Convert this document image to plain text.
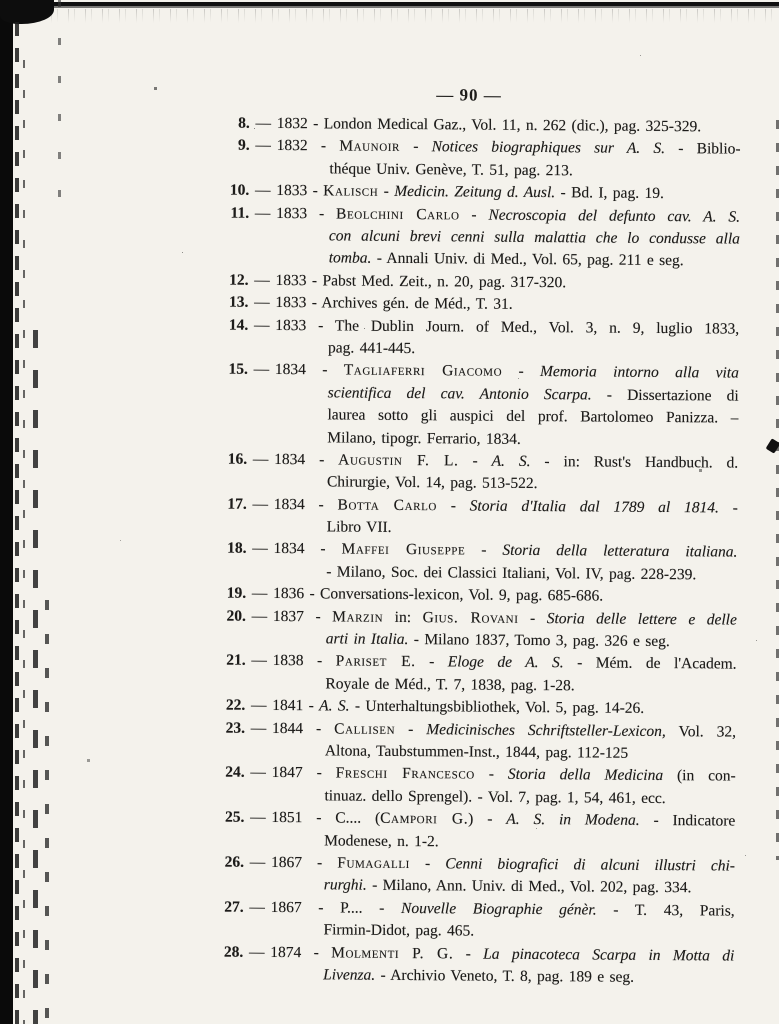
— 90 —
8. — 1832 - London Medical Gaz., Vol. 11, n. 262 (dic.), pag. 325-329.
9. — 1832 - Maunoir - Notices biographiques sur A. S. - Biblio-
théque Univ. Genève, T. 51, pag. 213.
10. — 1833 - Kalisch - Medicin. Zeitung d. Ausl. - Bd. I, pag. 19.
11. — 1833 - Beolchini Carlo - Necroscopia del defunto cav. A. S.
con alcuni brevi cenni sulla malattia che lo condusse alla
tomba. - Annali Univ. di Med., Vol. 65, pag. 211 e seg.
12. — 1833 - Pabst Med. Zeit., n. 20, pag. 317-320.
13. — 1833 - Archives gén. de Méd., T. 31.
14. — 1833 - The Dublin Journ. of Med., Vol. 3, n. 9, luglio 1833,
pag. 441-445.
15. — 1834 - Tagliaferri Giacomo - Memoria intorno alla vita
scientifica del cav. Antonio Scarpa. - Dissertazione di
laurea sotto gli auspici del prof. Bartolomeo Panizza. –
Milano, tipogr. Ferrario, 1834.
16. — 1834 - Augustin F. L. - A. S. - in: Rust's Handbuch. d.
Chirurgie, Vol. 14, pag. 513-522.
17. — 1834 - Botta Carlo - Storia d'Italia dal 1789 al 1814. -
Libro VII.
18. — 1834 - Maffei Giuseppe - Storia della letteratura italiana.
- Milano, Soc. dei Classici Italiani, Vol. IV, pag. 228-239.
19. — 1836 - Conversations-lexicon, Vol. 9, pag. 685-686.
20. — 1837 - Marzin in: Gius. Rovani - Storia delle lettere e delle
arti in Italia. - Milano 1837, Tomo 3, pag. 326 e seg.
21. — 1838 - Pariset E. - Eloge de A. S. - Mém. de l'Academ.
Royale de Méd., T. 7, 1838, pag. 1-28.
22. — 1841 - A. S. - Unterhaltungsbibliothek, Vol. 5, pag. 14-26.
23. — 1844 - Callisen - Medicinisches Schriftsteller-Lexicon, Vol. 32,
Altona, Taubstummen-Inst., 1844, pag. 112-125
24. — 1847 - Freschi Francesco - Storia della Medicina (in con-
tinuaz. dello Sprengel). - Vol. 7, pag. 1, 54, 461, ecc.
25. — 1851 - C.... (Campori G.) - A. S. in Modena. - Indicatore
Modenese, n. 1-2.
26. — 1867 - Fumagalli - Cenni biografici di alcuni illustri chi-
rurghi. - Milano, Ann. Univ. di Med., Vol. 202, pag. 334.
27. — 1867 - P.... - Nouvelle Biographie génèr. - T. 43, Paris,
Firmin-Didot, pag. 465.
28. — 1874 - Molmenti P. G. - La pinacoteca Scarpa in Motta di
Livenza. - Archivio Veneto, T. 8, pag. 189 e seg.
